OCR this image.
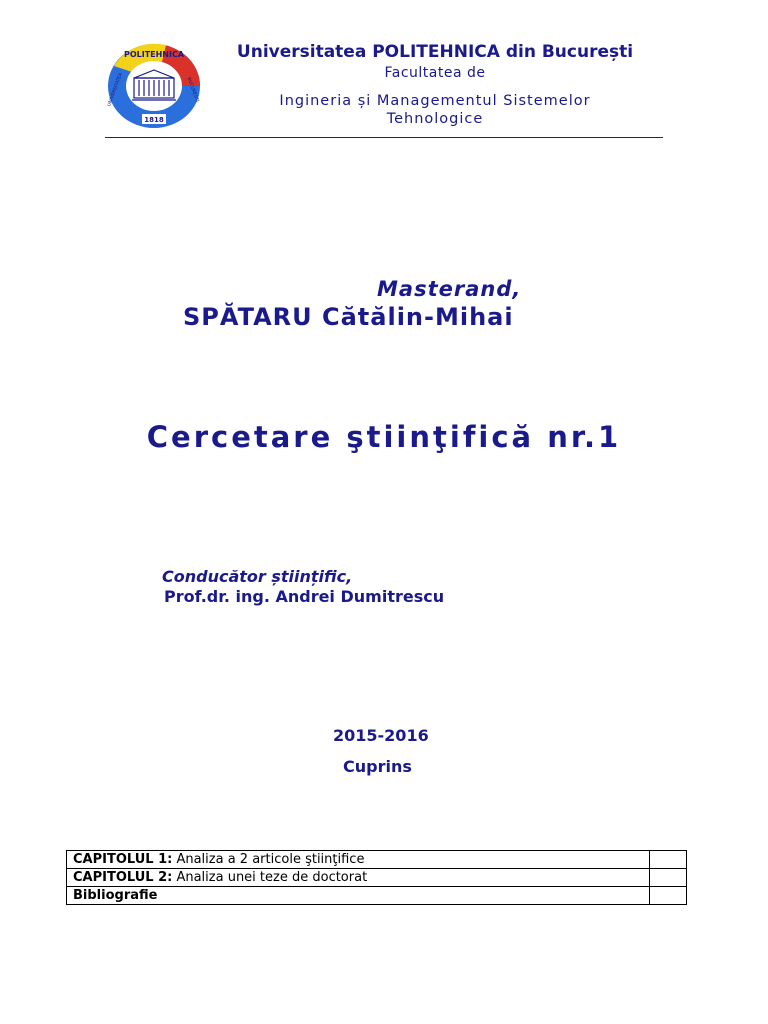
POLITEHNICA
UNIVERSITATEA	BUCURESTI
1818
Universitatea POLITEHNICA din București
Facultatea de
Ingineria și Managementul Sistemelor
Tehnologice
Masterand,
SPĂTARU Cătălin-Mihai
Cercetare ştiinţifică nr.1
Conducător științific,
Prof.dr. ing. Andrei Dumitrescu
2015-2016
Cuprins
CAPITOLUL 1: Analiza a 2 articole ştiinţifice	
CAPITOLUL 2: Analiza unei teze de doctorat	
Bibliografie	
